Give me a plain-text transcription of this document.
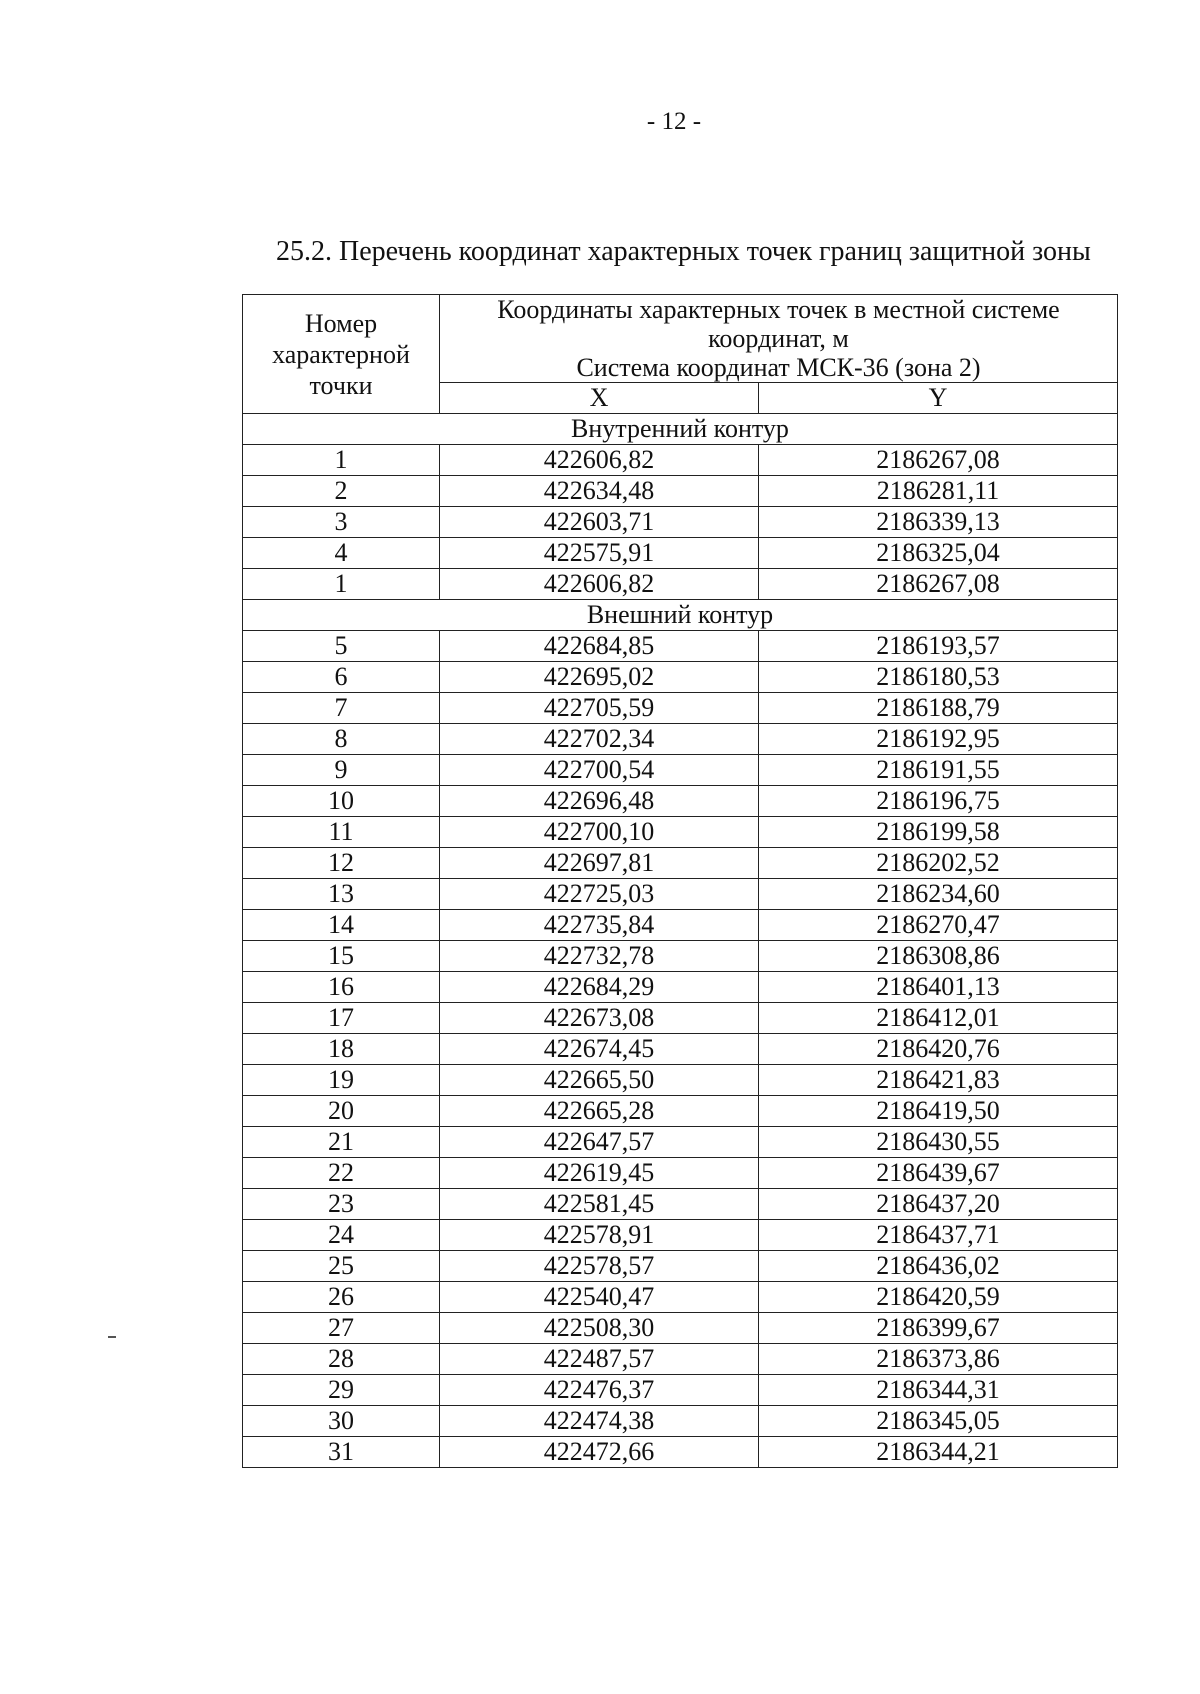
- 12 -
25.2. Перечень координат характерных точек границ защитной зоны
Номер
характерной
точки	Координаты характерных точек в местной системе
координат, м
Система координат МСК-36 (зона 2)	

	X	Y
Внутренний контур		
1	422606,82	2186267,08
2	422634,48	2186281,11
3	422603,71	2186339,13
4	422575,91	2186325,04
1	422606,82	2186267,08
Внешний контур		
5	422684,85	2186193,57
6	422695,02	2186180,53
7	422705,59	2186188,79
8	422702,34	2186192,95
9	422700,54	2186191,55
10	422696,48	2186196,75
11	422700,10	2186199,58
12	422697,81	2186202,52
13	422725,03	2186234,60
14	422735,84	2186270,47
15	422732,78	2186308,86
16	422684,29	2186401,13
17	422673,08	2186412,01
18	422674,45	2186420,76
19	422665,50	2186421,83
20	422665,28	2186419,50
21	422647,57	2186430,55
22	422619,45	2186439,67
23	422581,45	2186437,20
24	422578,91	2186437,71
25	422578,57	2186436,02
26	422540,47	2186420,59
27	422508,30	2186399,67
28	422487,57	2186373,86
29	422476,37	2186344,31
30	422474,38	2186345,05
31	422472,66	2186344,21
